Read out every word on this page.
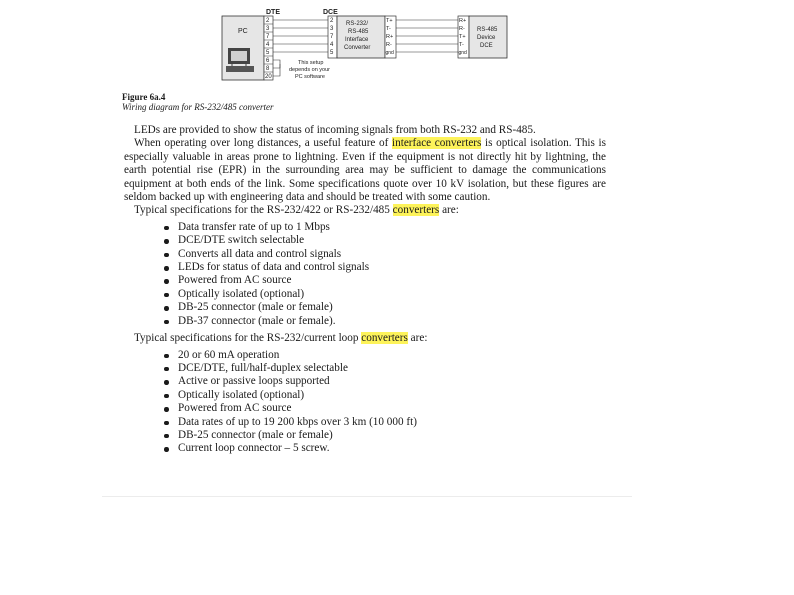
DTE	DCE
PC
2
3
7
4
5
6
8
20
This setup
depends on your
PC software
2
3
7
4
5
RS-232/
RS-485
Interface
Converter
T+
T-
R+
R-
gnd
R+
R-
T+
T-
gnd
RS-485
Device
DCE

Figure 6a.4

Wiring diagram for RS-232/485 converter

LEDs are provided to show the status of incoming signals from both RS-232 and RS-485.

When operating over long distances, a useful feature of interface converters is optical isolation. This is especially valuable in areas prone to lightning. Even if the equipment is not directly hit by lightning, the earth potential rise (EPR) in the surrounding area may be sufficient to damage the communications equipment at both ends of the link. Some specifications quote over 10 kV isolation, but these figures are seldom backed up with engineering data and should be treated with some caution.

Typical specifications for the RS-232/422 or RS-232/485 converters are:

Data transfer rate of up to 1 Mbps
DCE/DTE switch selectable
Converts all data and control signals
LEDs for status of data and control signals
Powered from AC source
Optically isolated (optional)
DB-25 connector (male or female)
DB-37 connector (male or female).

Typical specifications for the RS-232/current loop converters are:

20 or 60 mA operation
DCE/DTE, full/half-duplex selectable
Active or passive loops supported
Optically isolated (optional)
Powered from AC source
Data rates of up to 19 200 kbps over 3 km (10 000 ft)
DB-25 connector (male or female)
Current loop connector – 5 screw.
